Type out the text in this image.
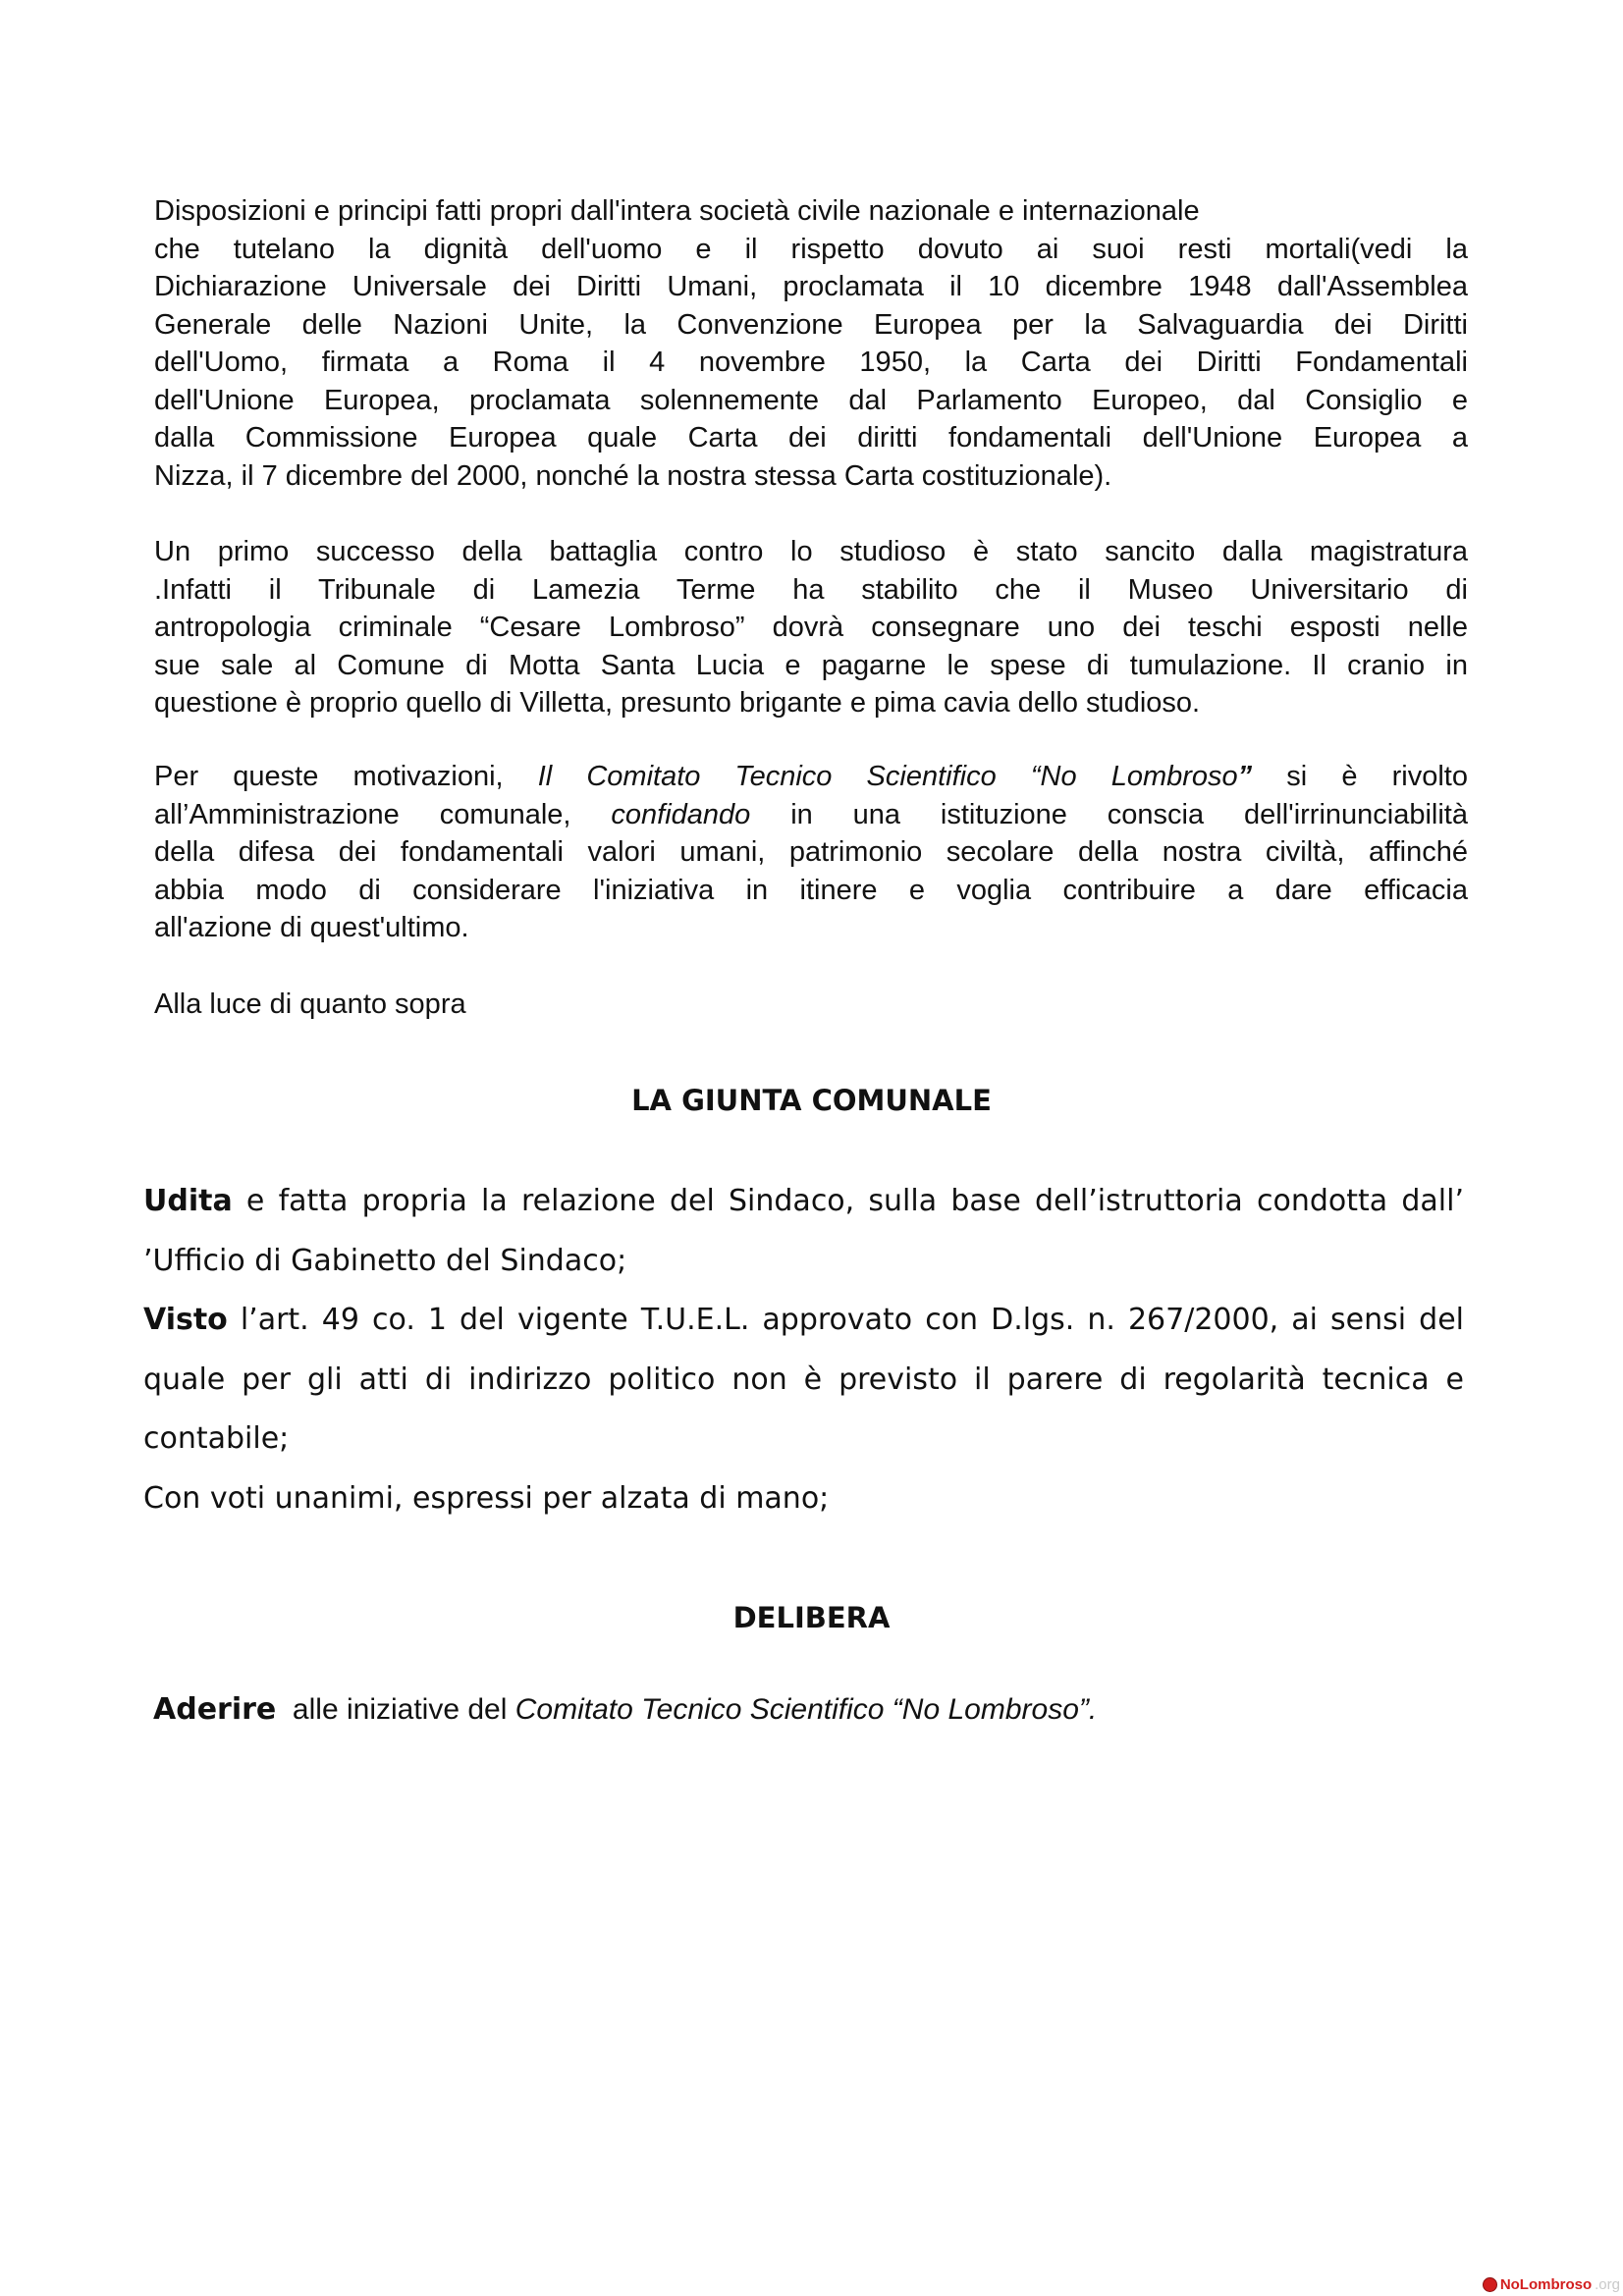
Disposizioni e principi fatti propri dall'intera società civile nazionale e internazionale
che tutelano la dignità dell'uomo e il rispetto dovuto ai suoi resti mortali(vedi la
Dichiarazione Universale dei Diritti Umani, proclamata il 10 dicembre 1948 dall'Assemblea
Generale delle Nazioni Unite, la Convenzione Europea per la Salvaguardia dei Diritti
dell'Uomo, firmata a Roma il 4 novembre 1950, la Carta dei Diritti Fondamentali
dell'Unione Europea, proclamata solennemente dal Parlamento Europeo, dal Consiglio e
dalla Commissione Europea quale Carta dei diritti fondamentali dell'Unione Europea a
Nizza, il 7 dicembre del 2000, nonché la nostra stessa Carta costituzionale).

Un primo successo della battaglia contro lo studioso è stato sancito dalla magistratura
.Infatti il Tribunale di Lamezia Terme ha stabilito che il Museo Universitario di
antropologia criminale “Cesare Lombroso” dovrà consegnare uno dei teschi esposti nelle
sue sale al Comune di Motta Santa Lucia e pagarne le spese di tumulazione. Il cranio in
questione è proprio quello di Villetta, presunto brigante e pima cavia dello studioso.

Per queste motivazioni, Il Comitato Tecnico Scientifico “No Lombroso” si è rivolto
all’Amministrazione comunale, confidando in una istituzione conscia dell'irrinunciabilità
della difesa dei fondamentali valori umani, patrimonio secolare della nostra civiltà, affinché
abbia modo di considerare l'iniziativa in itinere e voglia contribuire a dare efficacia
all'azione di quest'ultimo.

Alla luce di quanto sopra

LA GIUNTA COMUNALE
Udita e fatta propria la relazione del Sindaco, sulla base dell’istruttoria condotta dall’
’Ufficio di Gabinetto del Sindaco;
Visto l’art. 49 co. 1 del vigente T.U.E.L. approvato con D.lgs. n. 267/2000, ai sensi del
quale per gli atti di indirizzo politico non è previsto il parere di regolarità tecnica e
contabile;
Con voti unanimi, espressi per alzata di mano;
DELIBERA

Aderire  alle iniziative del Comitato Tecnico Scientifico “No Lombroso”.

NoLombroso .org
